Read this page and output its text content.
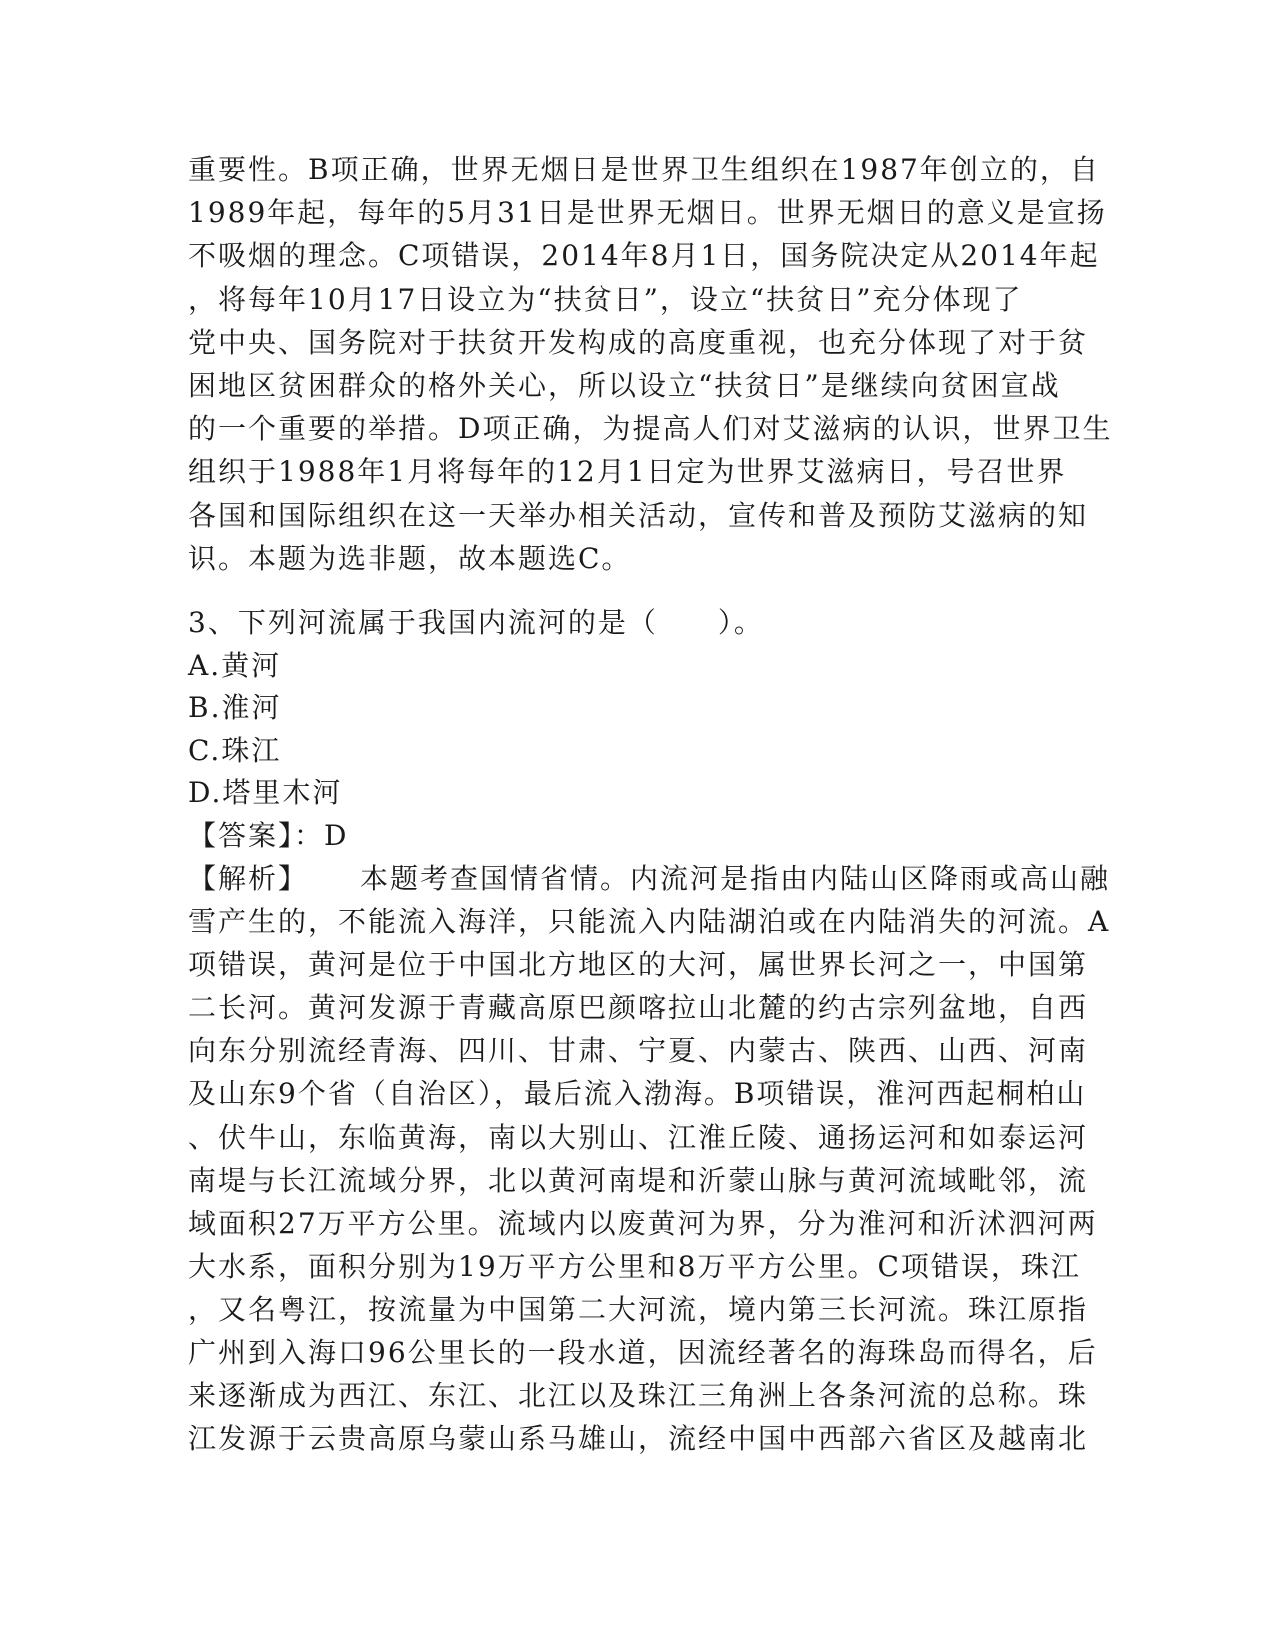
重要性。B项正确，世界无烟日是世界卫生组织在1987年创立的，自
1989年起，每年的5月31日是世界无烟日。世界无烟日的意义是宣扬
不吸烟的理念。C项错误，2014年8月1日，国务院决定从2014年起
，将每年10月17日设立为“扶贫日”，设立“扶贫日”充分体现了
党中央、国务院对于扶贫开发构成的高度重视，也充分体现了对于贫
困地区贫困群众的格外关心，所以设立“扶贫日”是继续向贫困宣战
的一个重要的举措。D项正确，为提高人们对艾滋病的认识，世界卫生
组织于1988年1月将每年的12月1日定为世界艾滋病日，号召世界
各国和国际组织在这一天举办相关活动，宣传和普及预防艾滋病的知
识。本题为选非题，故本题选C。
3、下列河流属于我国内流河的是（　　）。
A.黄河
B.淮河
C.珠江
D.塔里木河
【答案】：D
【解析】 本题考查国情省情。内流河是指由内陆山区降雨或高山融
雪产生的，不能流入海洋，只能流入内陆湖泊或在内陆消失的河流。A
项错误，黄河是位于中国北方地区的大河，属世界长河之一，中国第
二长河。黄河发源于青藏高原巴颜喀拉山北麓的约古宗列盆地，自西
向东分别流经青海、四川、甘肃、宁夏、内蒙古、陕西、山西、河南
及山东9个省（自治区），最后流入渤海。B项错误，淮河西起桐柏山
、伏牛山，东临黄海，南以大别山、江淮丘陵、通扬运河和如泰运河
南堤与长江流域分界，北以黄河南堤和沂蒙山脉与黄河流域毗邻，流
域面积27万平方公里。流域内以废黄河为界，分为淮河和沂沭泗河两
大水系，面积分别为19万平方公里和8万平方公里。C项错误，珠江
，又名粤江，按流量为中国第二大河流，境内第三长河流。珠江原指
广州到入海口96公里长的一段水道，因流经著名的海珠岛而得名，后
来逐渐成为西江、东江、北江以及珠江三角洲上各条河流的总称。珠
江发源于云贵高原乌蒙山系马雄山，流经中国中西部六省区及越南北
